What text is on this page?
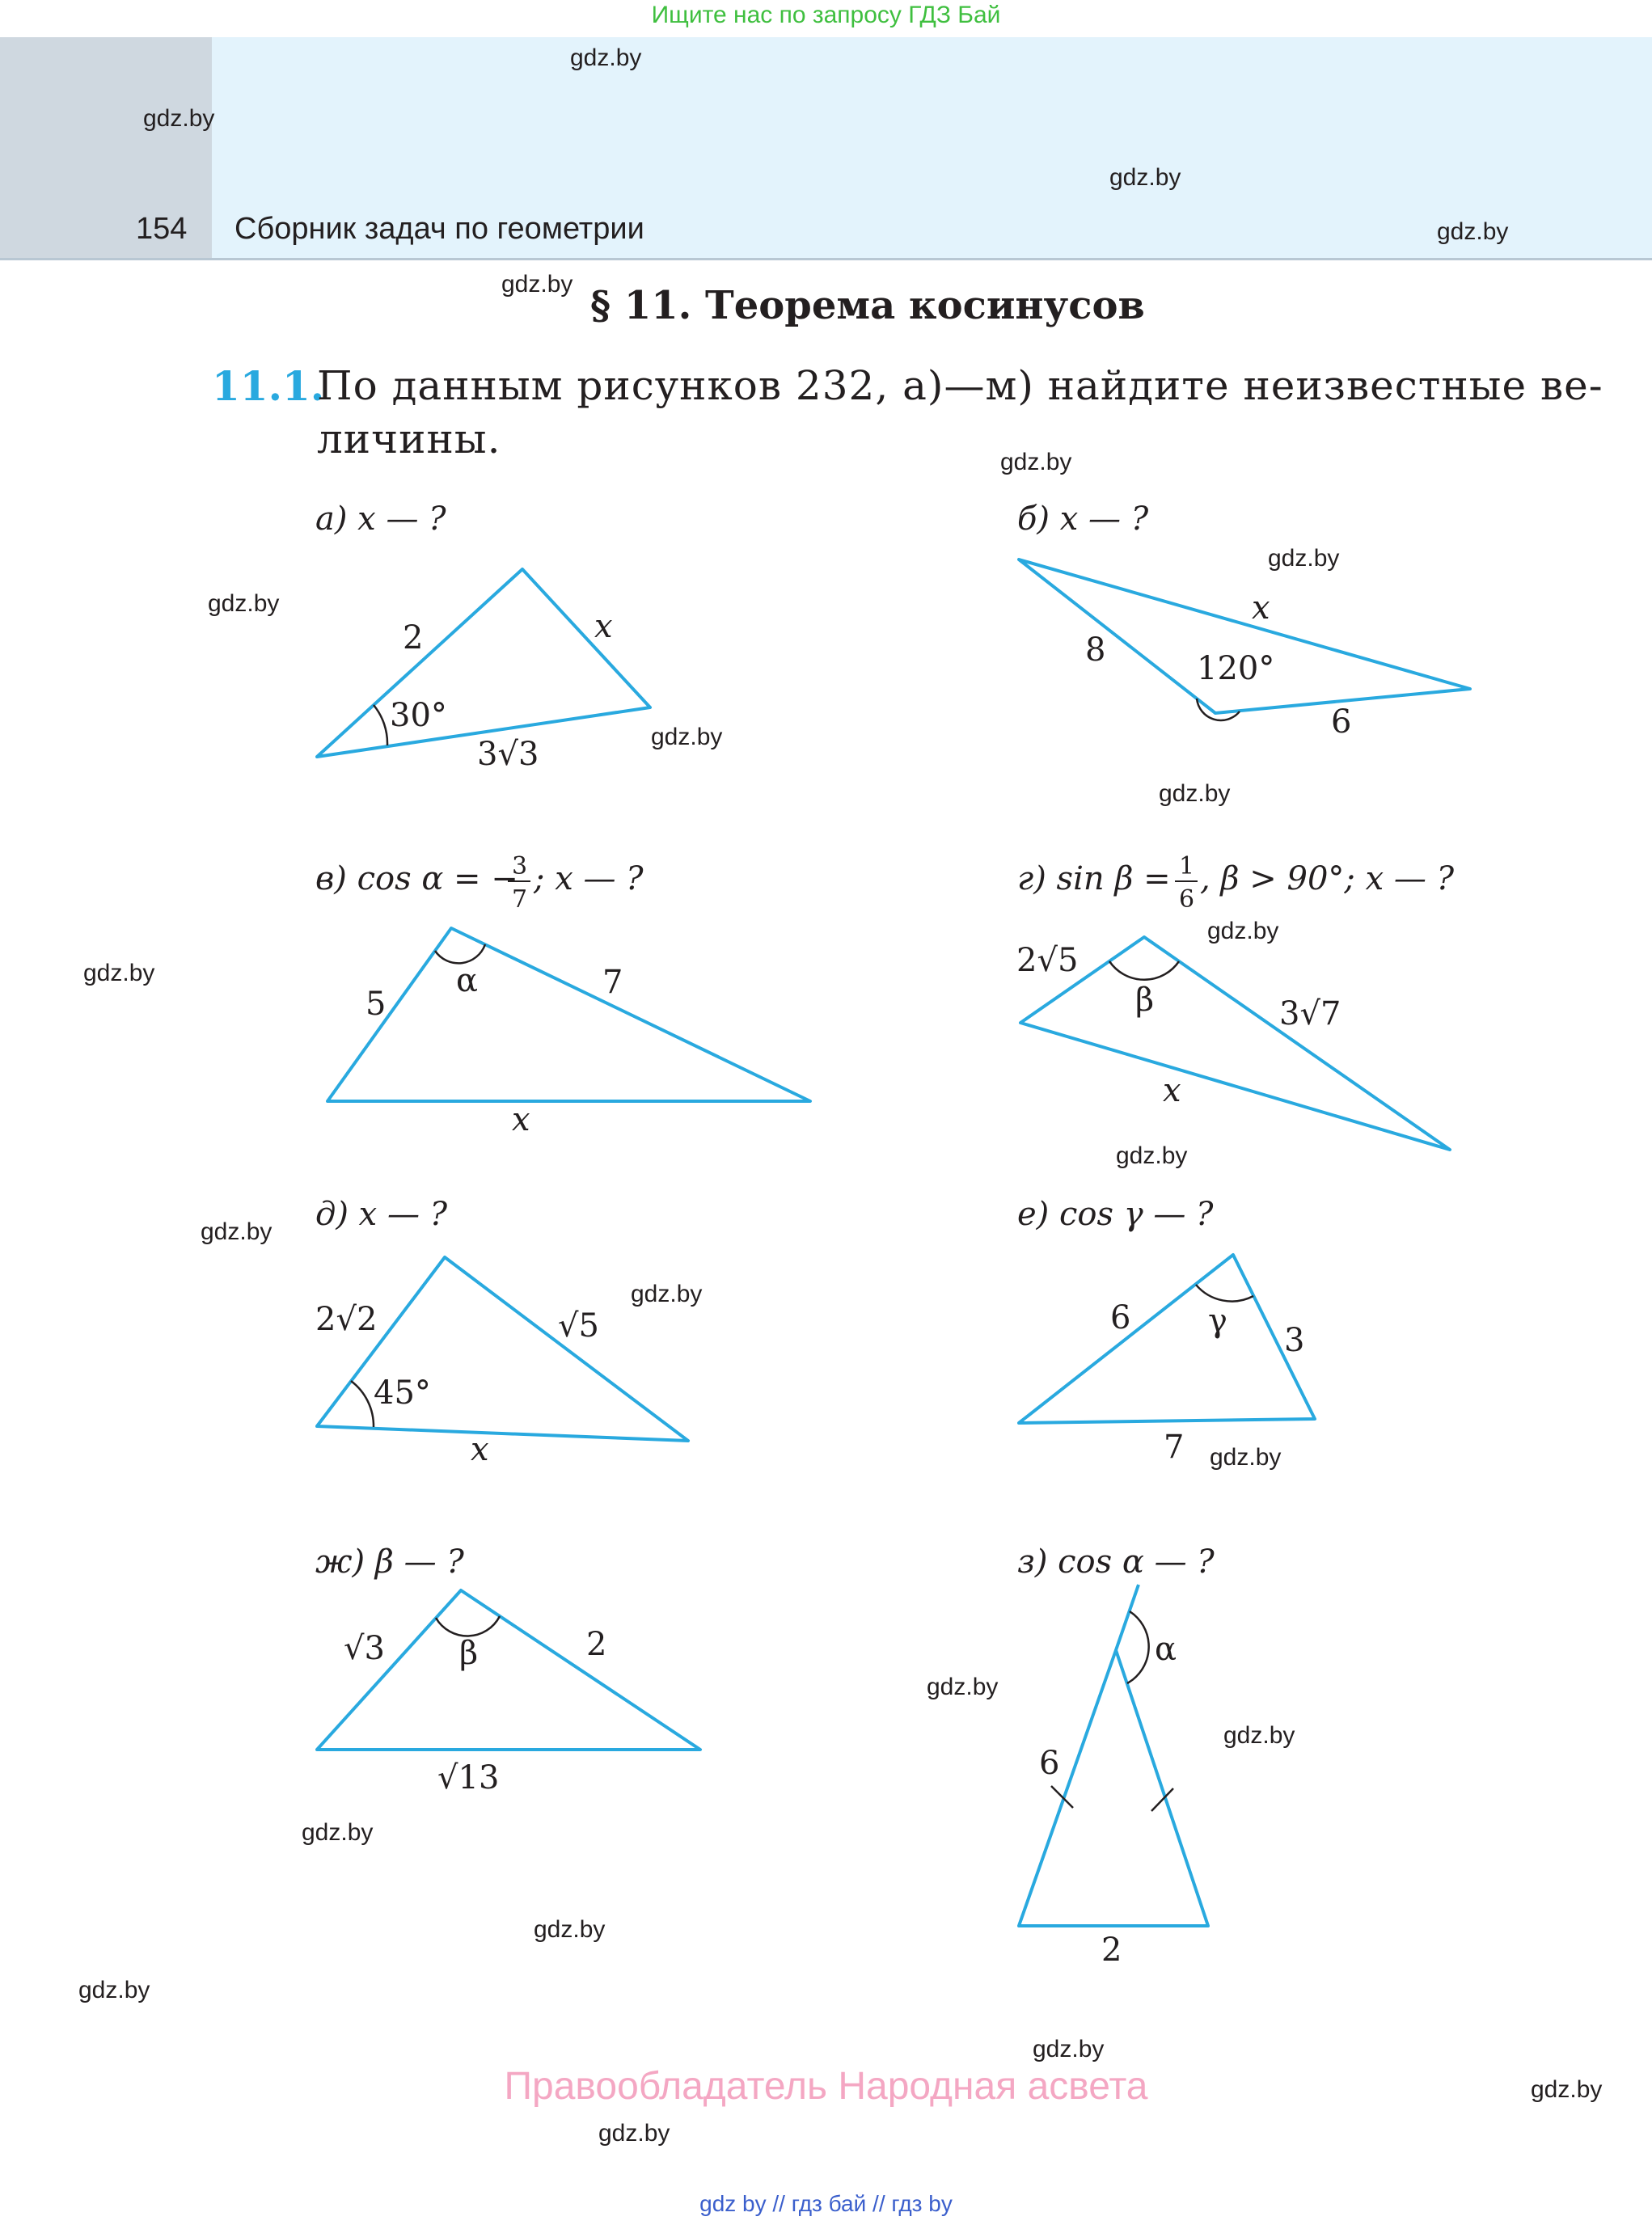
Ищите нас по запросу ГДЗ Бай
154 Сборник задач по геометрии
§ 11. Теорема косинусов
11.1.
По данным рисунков 232, а)—м) найдите неизвестные ве-
личины.
gdz.by
gdz.by
gdz.by
gdz.by
gdz.by
gdz.by
gdz.by
gdz.by
gdz.by
gdz.by
gdz.by
gdz.by
gdz.by
gdz.by
gdz.by
gdz.by
gdz.by
gdz.by
gdz.by
gdz.by
gdz.by
gdz.by
gdz.by
gdz.by
а) x — ?	б) x — ?
в) cos α = −
3
7
; x — ?	г) sin β = 1
6
, β > 90°; x — ?
д) x — ?	е) cos γ — ?
ж) β — ?	з) cos α — ?
2	x
30°
3√3
8
x
120°
6
5
7
α
x
2√5
3√7
β
x
2√2	√5
45°
x
6
3
γ
7
√3	2
β
√13	6
α
2
Правообладатель Народная асвета
gdz by // гдз бай // гдз by
